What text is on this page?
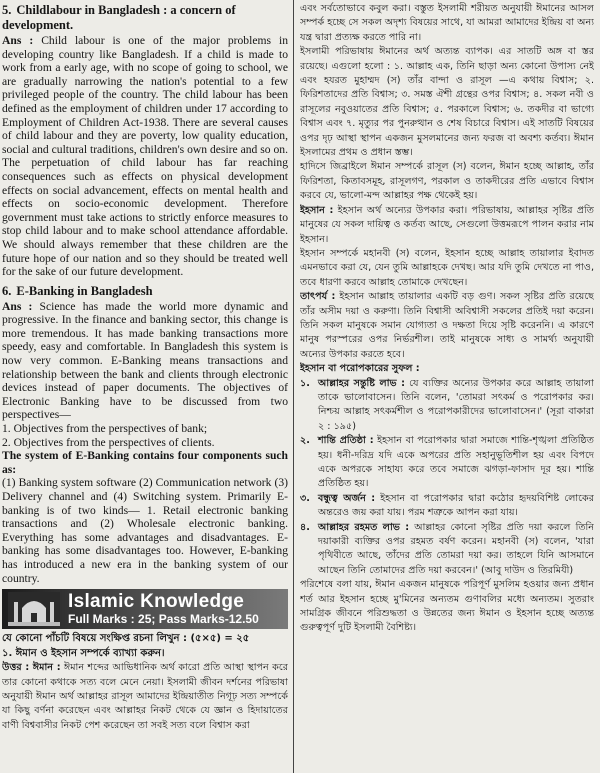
5. Childlabour in Bangladesh : a concern of development.

Ans : Child labour is one of the major problems in developing country like Bangladesh. If a child is made to work from a early age, with no scope of going to school, we are gradually narrowing the nation's potential to a few privileged people of the country. The child labour has been defined as the employment of children under 17 according to Employment of Children Act-1938. There are several causes of child labour and they are poverty, low quality education, social and cultural traditions, children's own desire and so on. The perpetuation of child labour has far reaching consequences such as effects on physical development effects on social advancement, effects on mental health and effects on socio-economic development. Therefore government must take actions to strictly enforce measures to stop child labour and to make school attendance affordable. We should always remember that these children are the future hope of our nation and so they should be treated well for the sake of our future development.

6. E-Banking in Bangladesh

Ans : Science has made the world more dynamic and progressive. In the finance and banking sector, this change is more tremendous. It has made banking transactions more speedy, easy and comfortable. In Bangladesh this system is now very common. E-Banking means transactions and relationship between the bank and clients through electronic devices instead of paper documents. The objectives of Electronic Banking have to be discussed from two perspectives—

1. Objectives from the perspectives of bank;

2. Objectives from the perspectives of clients.

The system of E-Banking contains four components such as:

(1) Banking system software (2) Communication network (3) Delivery channel and (4) Switching system. Primarily E-banking is of two kinds— 1. Retail electronic banking transactions and (2) Wholesale electronic banking. Everything has some advantages and disadvantages. E-banking has some disadvantages too. However, E-banking has introduced a new era in the banking system of our country.

Islamic Knowledge
Full Marks : 25; Pass Marks-12.50

যে কোনো পাঁচটি বিষয়ে সংক্ষিপ্ত রচনা লিখুন : (৫×৫) = ২৫

১. ঈমান ও ইহসান সম্পর্কে ব্যাখ্যা করুন।

উত্তর : ঈমান : ঈমান শব্দের আভিধানিক অর্থ কারো প্রতি আস্থা স্থাপন করে তার কোনো কথাকে সত্য বলে মেনে নেয়া। ইসলামী জীবন দর্শনের পরিভাষা অনুযায়ী ঈমান অর্থ আল্লাহর রাসূল আমাদের ইন্দ্রিয়াতীত নিগূঢ় সত্য সম্পর্কে যা কিছু বর্ণনা করেছেন এবং আল্লাহর নিকট থেকে যে জ্ঞান ও হিদায়াতের বাণী বিশ্ববাসীর নিকট পেশ করেছেন তা সবই সত্য বলে বিশ্বাস করা

এবং সর্বতোভাবে কবুল করা। বস্তুত ইসলামী শরীয়ত অনুযায়ী ঈমানের আসল সম্পর্ক হচ্ছে সে সকল অদৃশ্য বিষয়ের সাথে, যা আমরা আমাদের ইন্দ্রিয় বা অন্য যন্ত্র দ্বারা প্রত্যক্ষ করতে পারি না।

ইসলামী পরিভাষায় ঈমানের অর্থ অত্যন্ত ব্যাপক। এর সাতটি অঙ্গ বা স্তর রয়েছে। এগুলো হলো : ১. আল্লাহ এক, তিনি ছাড়া অন্য কোনো উপাস্য নেই এবং হযরত মুহাম্মদ (স) তাঁর বান্দা ও রাসূল —এ কথায় বিশ্বাস; ২. ফিরিশতাদের প্রতি বিশ্বাস; ৩. সমস্ত ঐশী গ্রন্থের ওপর বিশ্বাস; ৪. সকল নবী ও রাসূলের নবুওয়াতের প্রতি বিশ্বাস; ৫. পরকালে বিশ্বাস; ৬. তকদীর বা ভাগ্যে বিশ্বাস এবং ৭. মৃত্যুর পর পুনরুত্থান ও শেষ বিচারে বিশ্বাস। এই সাতটি বিষয়ের ওপর দৃঢ় আস্থা স্থাপন একজন মুসলমানের জন্য ফরজ বা অবশ্য কর্তব্য। ঈমান ইসলামের প্রথম ও প্রধান স্তম্ভ।

হাদিসে জিব্রাইলে ঈমান সম্পর্কে রাসূল (স) বলেন, ঈমান হচ্ছে আল্লাহ, তাঁর ফিরিশতা, কিতাবসমূহ, রাসূলগণ, পরকাল ও তাকদীরের প্রতি এভাবে বিশ্বাস করবে যে, ভালো-মন্দ আল্লাহর পক্ষ থেকেই হয়।

ইহসান : ইহসান অর্থ অন্যের উপকার করা। পরিভাষায়, আল্লাহর সৃষ্টির প্রতি মানুষের যে সকল দায়িত্ব ও কর্তব্য আছে, সেগুলো উত্তমরূপে পালন করার নাম ইহসান।

ইহসান সম্পর্কে মহানবী (স) বলেন, ইহসান হচ্ছে আল্লাহ তায়ালার ইবাদত এমনভাবে করা যে, যেন তুমি আল্লাহকে দেখছ। আর যদি তুমি দেখতে না পাও, তবে ধারণা করবে আল্লাহ তোমাকে দেখছেন।

তাৎপর্য : ইহসান আল্লাহ তায়ালার একটি বড় গুণ। সকল সৃষ্টির প্রতি রয়েছে তাঁর অসীম দয়া ও করুণা। তিনি বিশ্বাসী অবিশ্বাসী সকলের প্রতিই দয়া করেন। তিনি সকল মানুষকে সমান যোগ্যতা ও দক্ষতা দিয়ে সৃষ্টি করেননি। এ কারণে মানুষ পরস্পরের ওপর নির্ভরশীল। তাই মানুষকে সাধ্য ও সামর্থ্য অনুযায়ী অন্যের উপকার করতে হবে।

ইহসান বা পরোপকারের সুফল :

১. আল্লাহর সন্তুষ্টি লাভ : যে ব্যক্তির অন্যের উপকার করে আল্লাহ তায়ালা তাকে ভালোবাসেন। তিনি বলেন, 'তোমরা সৎকর্ম ও পরোপকার কর। নিশ্চয় আল্লাহ সৎকর্মশীল ও পরোপকারীদের ভালোবাসেন।' (সূরা বাকারা ২ : ১৯৫)
২. শান্তি প্রতিষ্ঠা : ইহসান বা পরোপকার দ্বারা সমাজে শান্তি-শৃঙ্খলা প্রতিষ্ঠিত হয়। ধনী-দরিদ্র যদি একে অপরের প্রতি সহানুভূতিশীল হয় এবং বিপদে একে অপরকে সাহায্য করে তবে সমাজে ঝগড়া-ফাসাদ দূর হয়। শান্তি প্রতিষ্ঠিত হয়।
৩. বন্ধুত্ব অর্জন : ইহসান বা পরোপকার দ্বারা কঠোর হৃদয়বিশিষ্ট লোকের অন্তরেও জয় করা যায়। পরম শত্রুকে আপন করা যায়।
৪. আল্লাহর রহমত লাভ : আল্লাহর কোনো সৃষ্টির প্রতি দয়া করলে তিনি দয়াকারী ব্যক্তির ওপর রহমত বর্ষণ করেন। মহানবী (স) বলেন, 'যারা পৃথিবীতে আছে, তাঁদের প্রতি তোমরা দয়া কর। তাহলে যিনি আসমানে আছেন তিনি তোমাদের প্রতি দয়া করবেন।' (আবু দাউদ ও তিরমিযী)

পরিশেষে বলা যায়, ঈমান একজন মানুষকে পরিপূর্ণ মুসলিম হওয়ার জন্য প্রধান শর্ত আর ইহসান হচ্ছে মু'মিনের অন্যতম গুণাবলির মধ্যে অন্যতম। সুতরাং সামগ্রিক জীবনে পরিশুদ্ধতা ও উন্নতের জন্য ঈমান ও ইহসান হচ্ছে অত্যন্ত গুরুত্বপূর্ণ দুটি ইসলামী বৈশিষ্ট্য।
